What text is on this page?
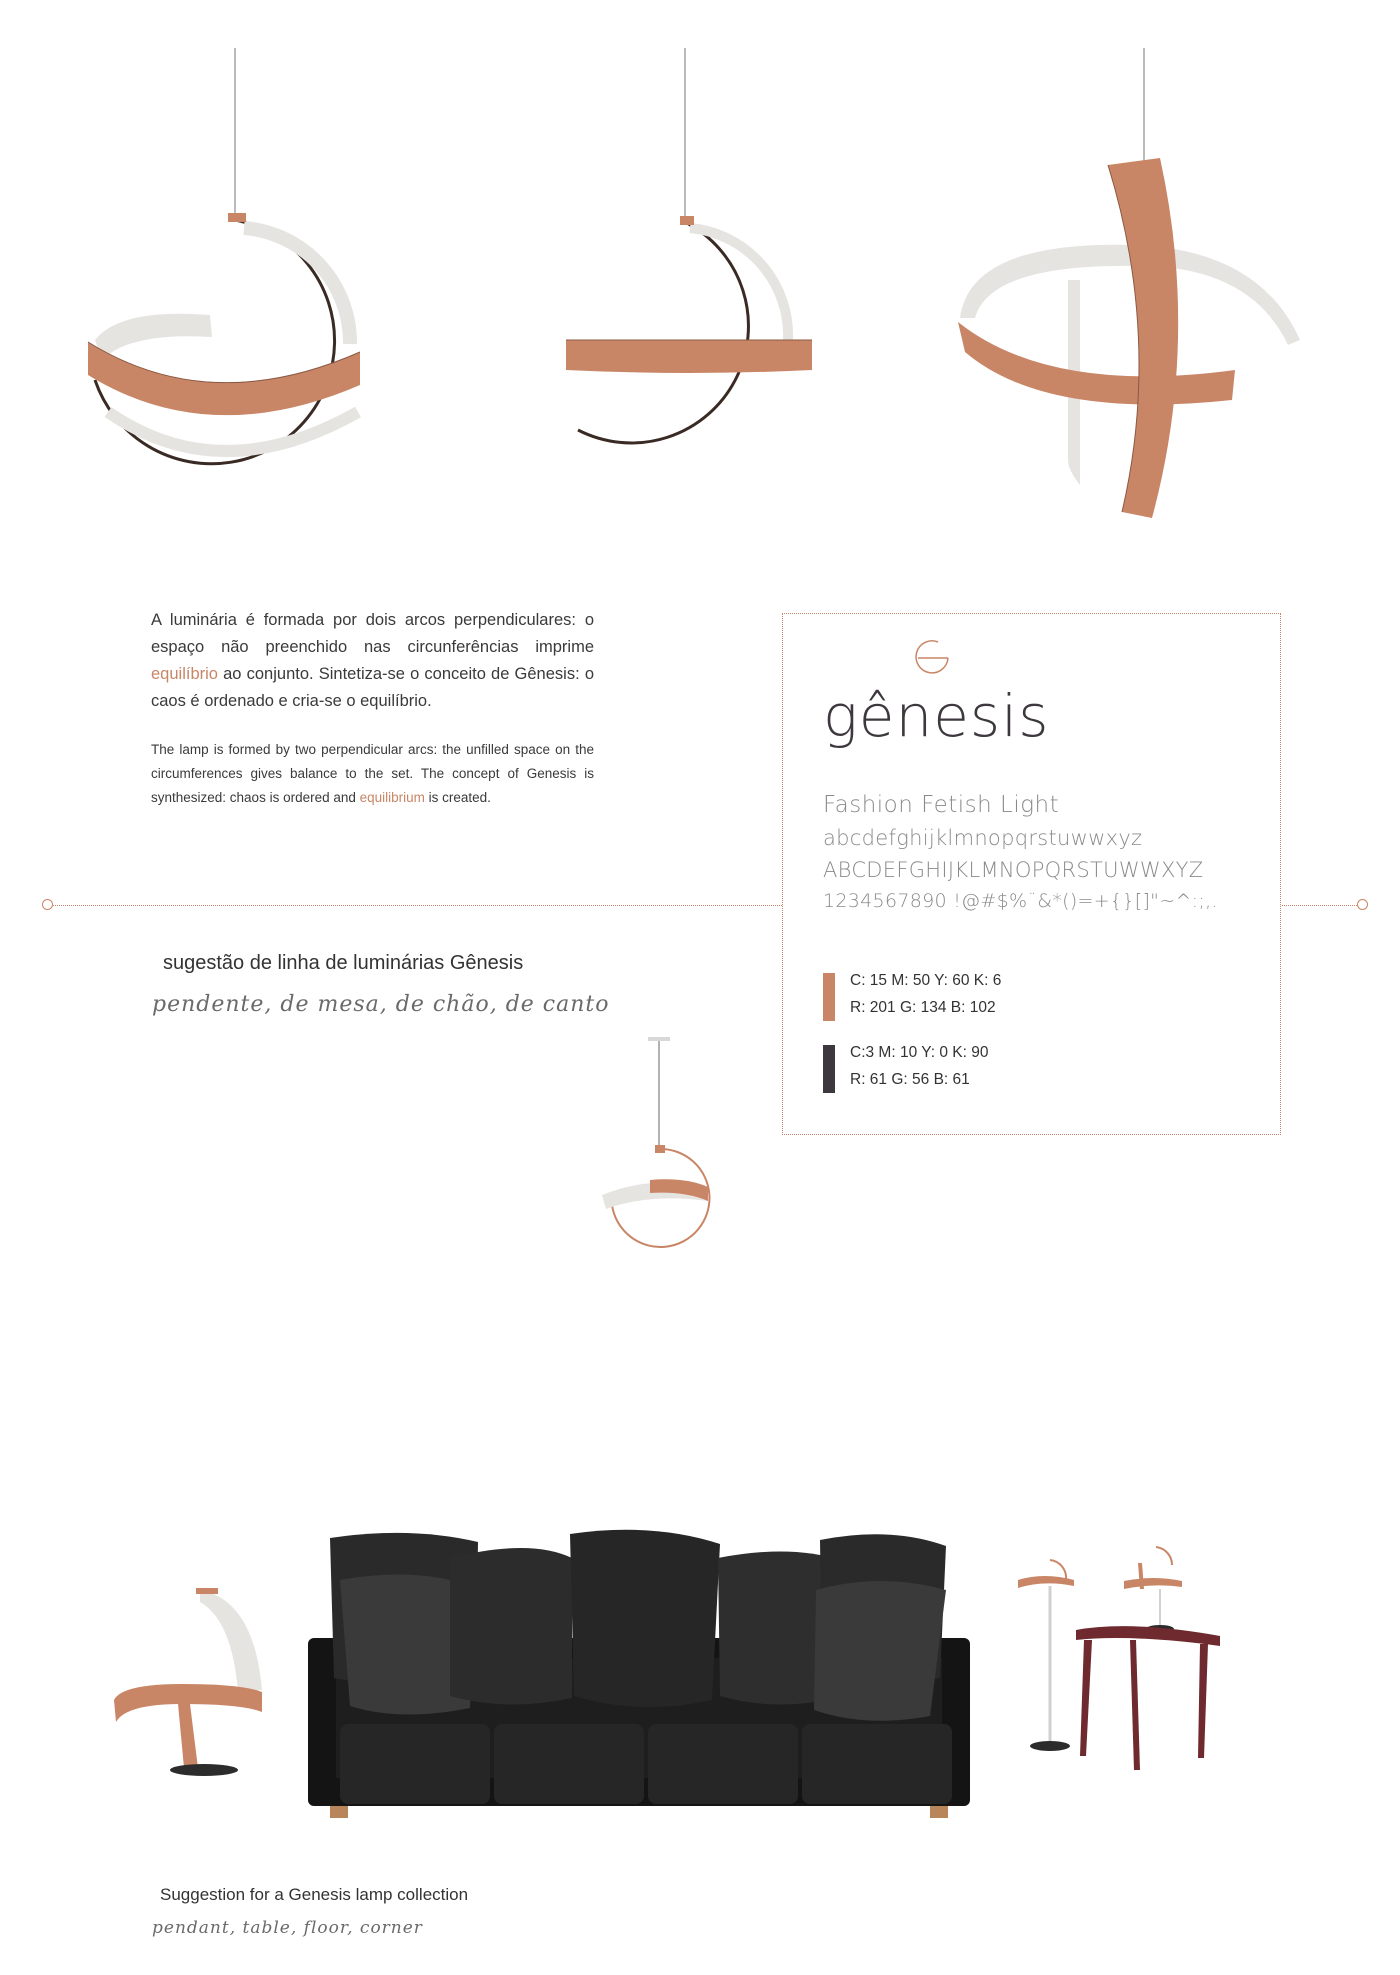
A luminária é formada por dois arcos perpendiculares: o espaço não preenchido nas circunferências imprime equilíbrio ao conjunto. Sintetiza-se o conceito de Gênesis: o caos é ordenado e cria-se o equilíbrio.
The lamp is formed by two perpendicular arcs: the unfilled space on the circumferences gives balance to the set. The concept of Genesis is synthesized: chaos is ordered and equilibrium is created.
gênesis
Fashion Fetish Light
abcdefghijklmnopqrstuwwxyz
ABCDEFGHIJKLMNOPQRSTUWWXYZ
1234567890 !@#$%¨&*()=+{}[]"~^:;,.
C: 15 M: 50 Y: 60 K: 6
R: 201 G: 134 B: 102
C:3 M: 10 Y: 0 K: 90
R: 61 G: 56 B: 61
sugestão de linha de luminárias Gênesis
pendente, de mesa, de chão, de canto
Suggestion for a Genesis lamp collection
pendant, table, floor, corner
